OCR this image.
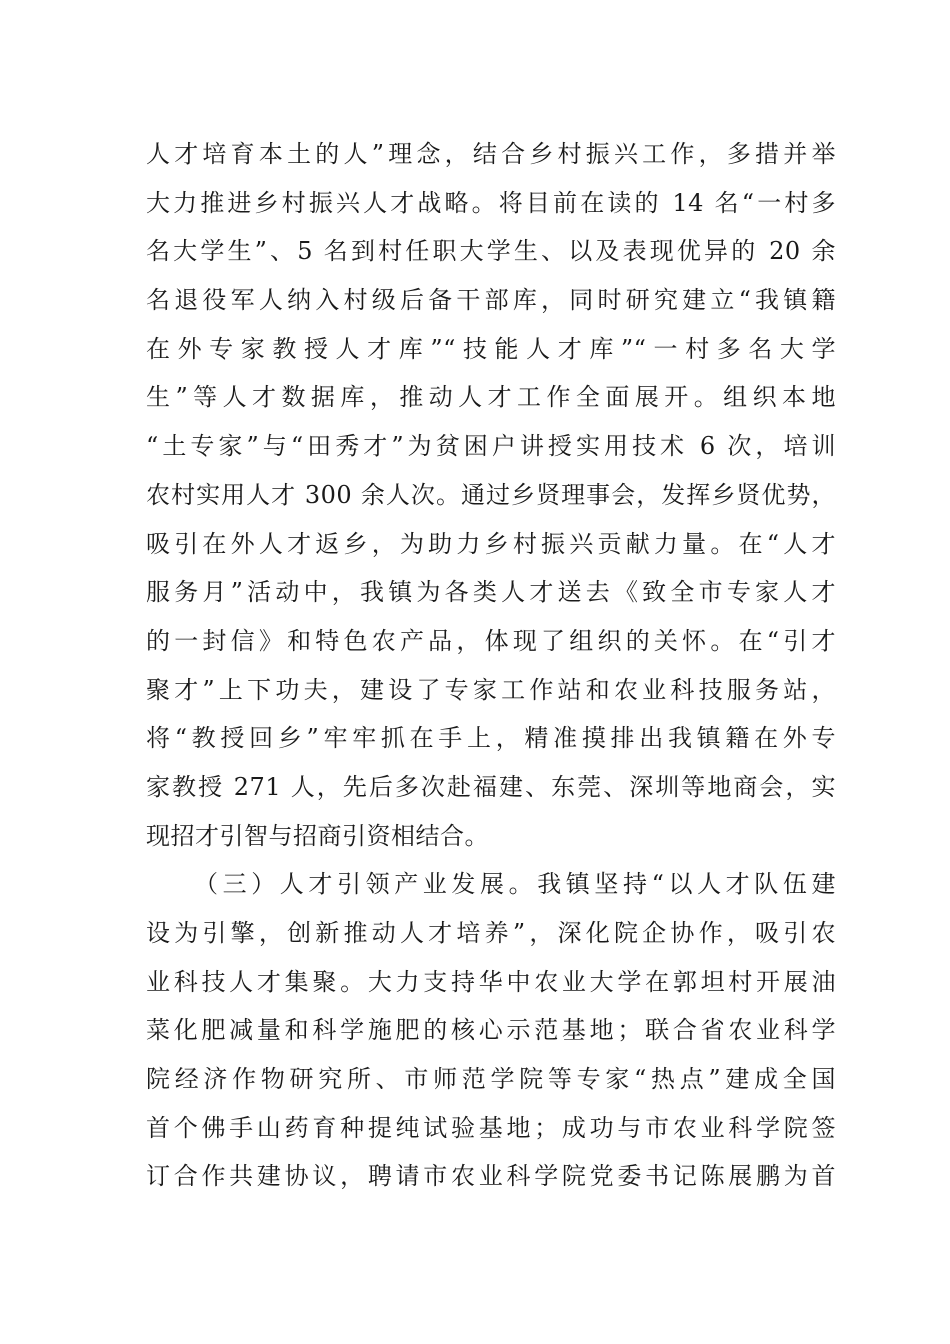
人才培育本土的人”理念，结合乡村振兴工作，多措并举
大力推进乡村振兴人才战略。将目前在读的 14 名“一村多
名大学生”、5 名到村任职大学生、以及表现优异的 20 余
名退役军人纳入村级后备干部库，同时研究建立“我镇籍
在外专家教授人才库”“技能人才库”“一村多名大学
生”等人才数据库，推动人才工作全面展开。组织本地
“土专家”与“田秀才”为贫困户讲授实用技术 6 次，培训
农村实用人才 300 余人次。通过乡贤理事会，发挥乡贤优势，
吸引在外人才返乡，为助力乡村振兴贡献力量。在“人才
服务月”活动中，我镇为各类人才送去《致全市专家人才
的一封信》和特色农产品，体现了组织的关怀。在“引才
聚才”上下功夫，建设了专家工作站和农业科技服务站，
将“教授回乡”牢牢抓在手上，精准摸排出我镇籍在外专
家教授 271 人，先后多次赴福建、东莞、深圳等地商会，实
现招才引智与招商引资相结合。
（三）人才引领产业发展。我镇坚持“以人才队伍建
设为引擎，创新推动人才培养”，深化院企协作，吸引农
业科技人才集聚。大力支持华中农业大学在郭坦村开展油
菜化肥减量和科学施肥的核心示范基地；联合省农业科学
院经济作物研究所、市师范学院等专家“热点”建成全国
首个佛手山药育种提纯试验基地；成功与市农业科学院签
订合作共建协议，聘请市农业科学院党委书记陈展鹏为首
